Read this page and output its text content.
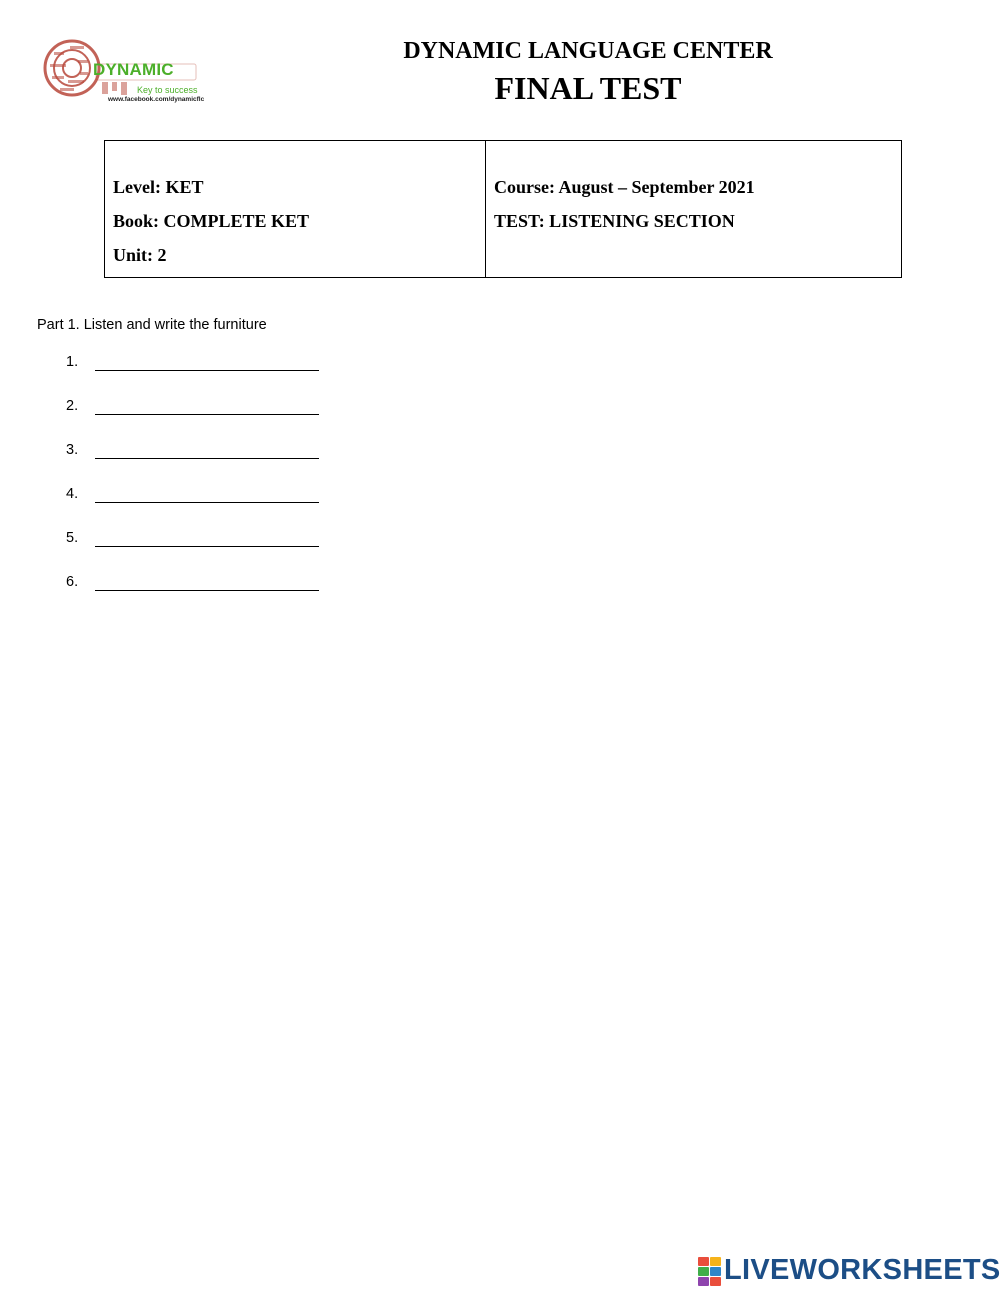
DYNAMIC
Key to success
www.facebook.com/dynamicflc
DYNAMIC LANGUAGE CENTER
FINAL TEST
Level: KET
Book: COMPLETE KET
Unit: 2
Course: August – September 2021
TEST: LISTENING SECTION
Part 1. Listen and write the furniture
1.
2.
3.
4.
5.
6.
LIVEWORKSHEETS
